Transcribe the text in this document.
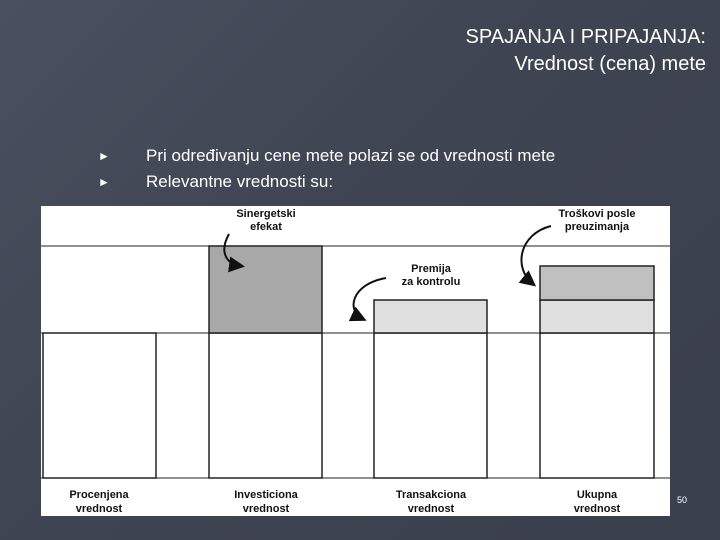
SPAJANJA I PRIPAJANJA:
Vrednost (cena) mete
►	Pri određivanju cene mete polazi se od vrednosti mete
►	Relevantne vrednosti su:
Sinergetski
efekat
Premija
za kontrolu
Troškovi posle
preuzimanja
Procenjena
vrednost
Investiciona
vrednost
Transakciona
vrednost
Ukupna
vrednost
50
